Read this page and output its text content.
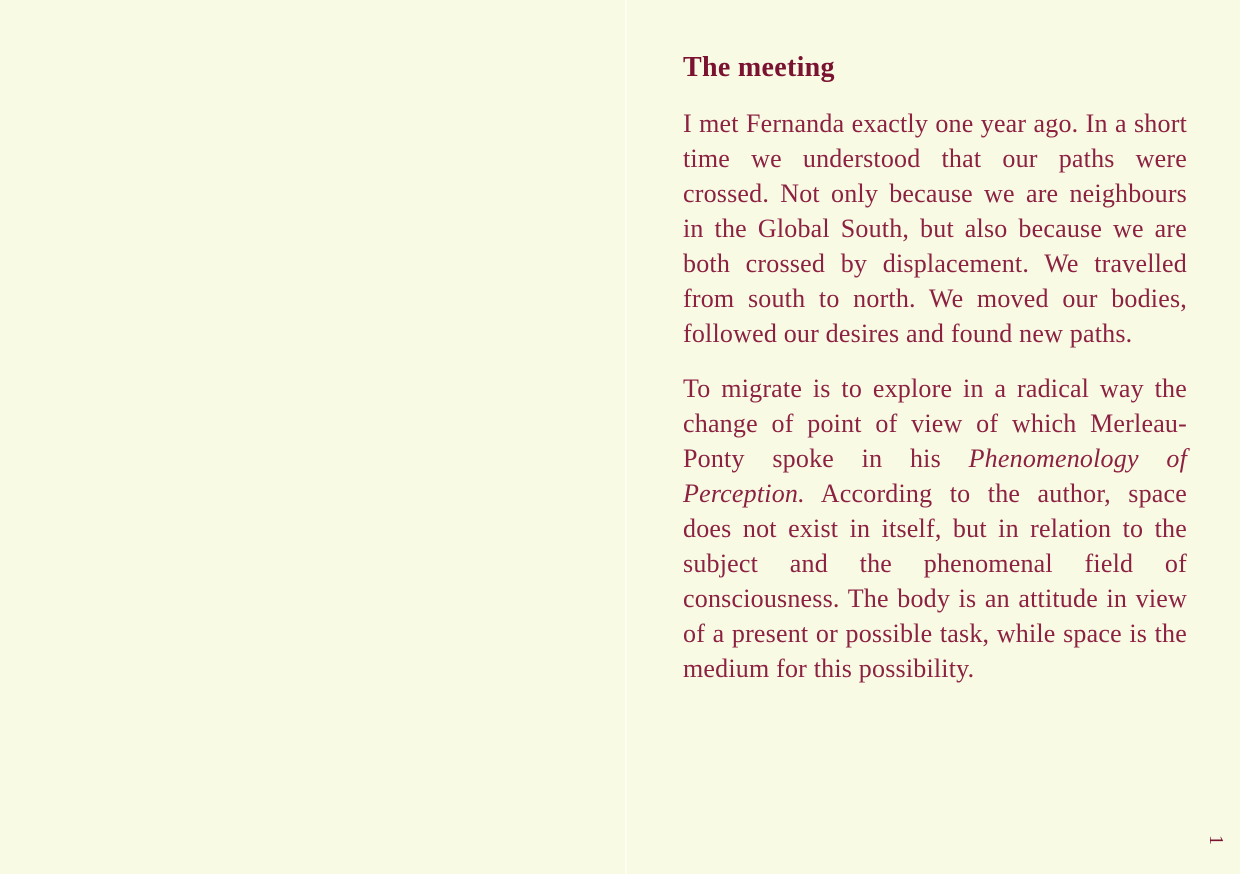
The meeting

I met Fernanda exactly one year ago. In a short time we understood that our paths were crossed. Not only because we are neighbours in the Global South, but also because we are both crossed by displacement. We travelled from south to north. We moved our bodies, followed our desires and found new paths.

To migrate is to explore in a radical way the change of point of view of which Merleau-Ponty spoke in his Phenomenology of Perception. According to the author, space does not exist in itself, but in relation to the subject and the phenomenal field of consciousness. The body is an attitude in view of a present or possible task, while space is the medium for this possibility.

1
